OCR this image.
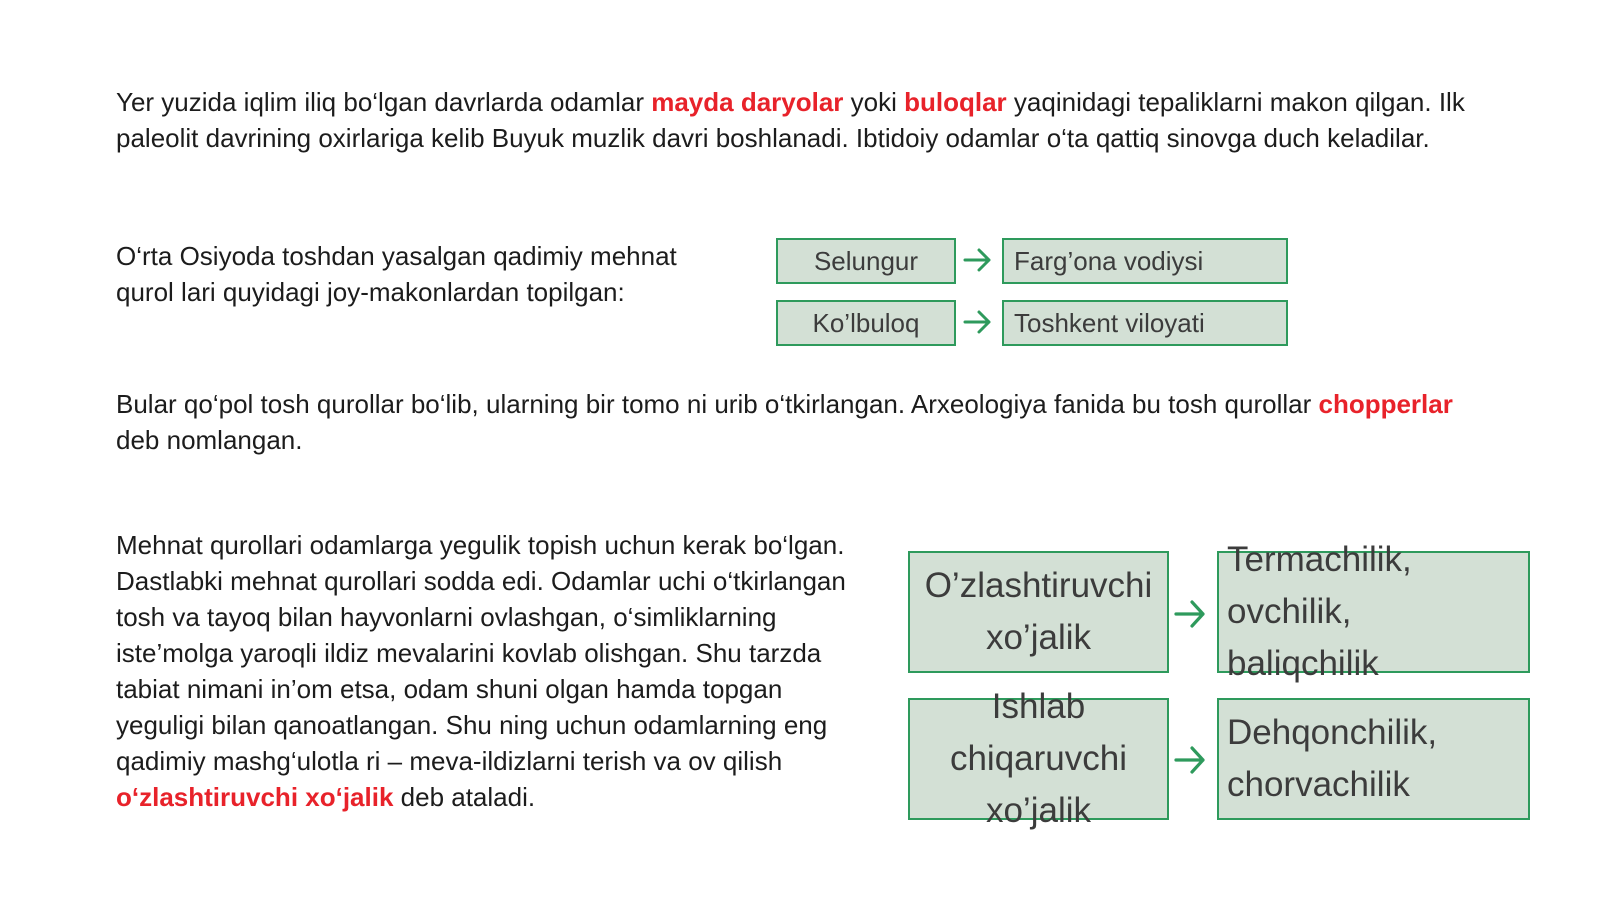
Yer yuzida iqlim iliq bo‘lgan davrlarda odamlar mayda daryolar yoki buloqlar yaqinidagi tepaliklarni makon qilgan. Ilk paleolit davrining oxirlariga kelib Buyuk muzlik davri boshlanadi. Ibtidoiy odamlar o‘ta qattiq sinovga duch keladilar.

O‘rta Osiyoda toshdan yasalgan qadimiy mehnat qurol lari quyidagi joy-makonlardan topilgan:

Selungur	Farg’ona vodiysi
Ko’lbuloq	Toshkent viloyati

Bular qo‘pol tosh qurollar bo‘lib, ularning bir tomo ni urib o‘tkirlangan. Arxeologiya fanida bu tosh qurollar chopperlar deb nomlangan.

Mehnat qurollari odamlarga yegulik topish uchun kerak bo‘lgan. Dastlabki mehnat qurollari sodda edi. Odamlar uchi o‘tkirlangan tosh va tayoq bilan hayvonlarni ovlashgan, o‘simliklarning iste’molga yaroqli ildiz mevalarini kovlab olishgan. Shu tarzda tabiat nimani in’om etsa, odam shuni olgan hamda topgan yeguligi bilan qanoatlangan. Shu ning uchun odamlarning eng qadimiy mashg‘ulotla ri – meva-ildizlarni terish va ov qilish o‘zlashtiruvchi xo‘jalik deb ataladi.

O’zlashtiruvchi
xo’jalik
Termachilik, ovchilik,
baliqchilik
Ishlab
chiqaruvchi xo’jalik
Dehqonchilik,
chorvachilik
